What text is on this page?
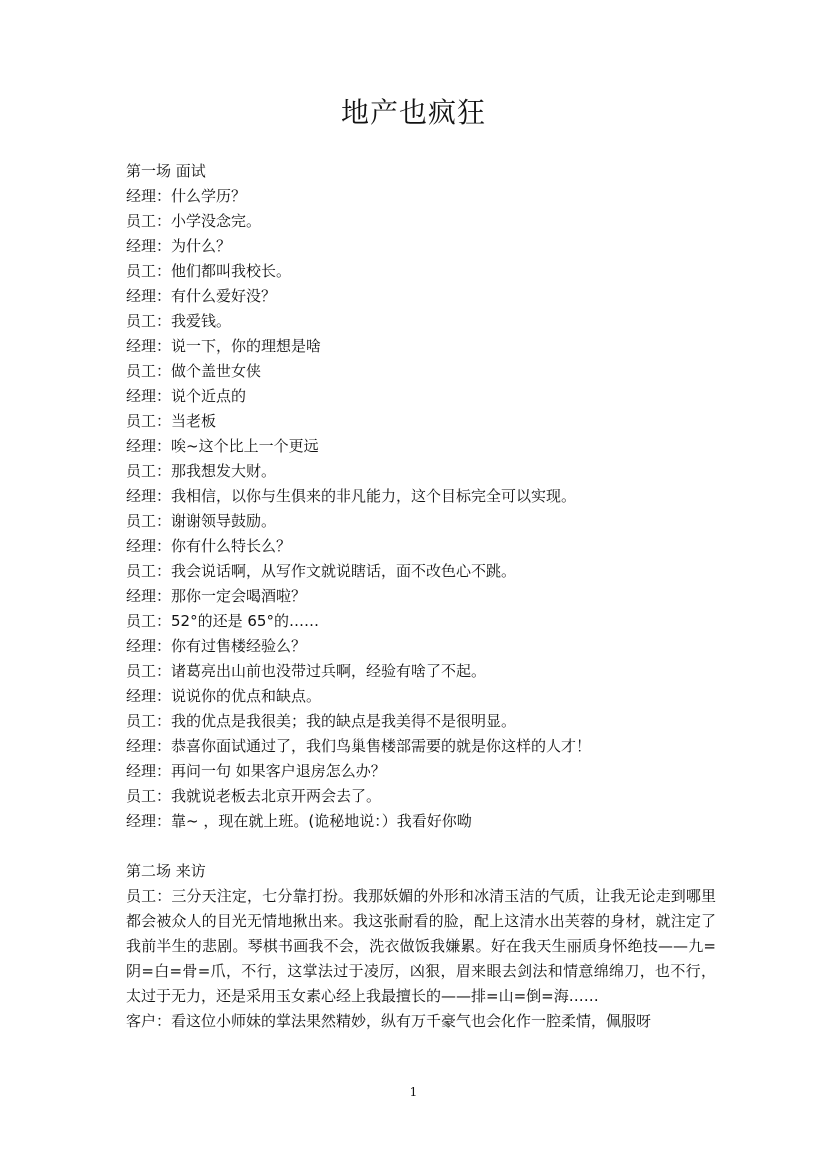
地产也疯狂
第一场 面试
经理：什么学历？
员工：小学没念完。
经理：为什么？
员工：他们都叫我校长。
经理：有什么爱好没？
员工：我爱钱。
经理：说一下，你的理想是啥
员工：做个盖世女侠
经理：说个近点的
员工：当老板
经理：唉~这个比上一个更远
员工：那我想发大财。
经理：我相信，以你与生俱来的非凡能力，这个目标完全可以实现。
员工：谢谢领导鼓励。
经理：你有什么特长么？
员工：我会说话啊，从写作文就说瞎话，面不改色心不跳。
经理：那你一定会喝酒啦？
员工：52°的还是 65°的……
经理：你有过售楼经验么？
员工：诸葛亮出山前也没带过兵啊，经验有啥了不起。
经理：说说你的优点和缺点。
员工：我的优点是我很美；我的缺点是我美得不是很明显。
经理：恭喜你面试通过了，我们鸟巢售楼部需要的就是你这样的人才！
经理：再问一句 如果客户退房怎么办？
员工：我就说老板去北京开两会去了。
经理：靠~ ，现在就上班。(诡秘地说：）我看好你呦
第二场 来访
员工：三分天注定，七分靠打扮。我那妖媚的外形和冰清玉洁的气质，让我无论走到哪里都会被众人的目光无情地揪出来。我这张耐看的脸，配上这清水出芙蓉的身材，就注定了我前半生的悲剧。琴棋书画我不会，洗衣做饭我嫌累。好在我天生丽质身怀绝技——九=阴=白=骨=爪，不行，这掌法过于凌厉，凶狠，眉来眼去剑法和情意绵绵刀，也不行，太过于无力，还是采用玉女素心经上我最擅长的——排=山=倒=海……
客户：看这位小师妹的掌法果然精妙，纵有万千豪气也会化作一腔柔情，佩服呀
1
